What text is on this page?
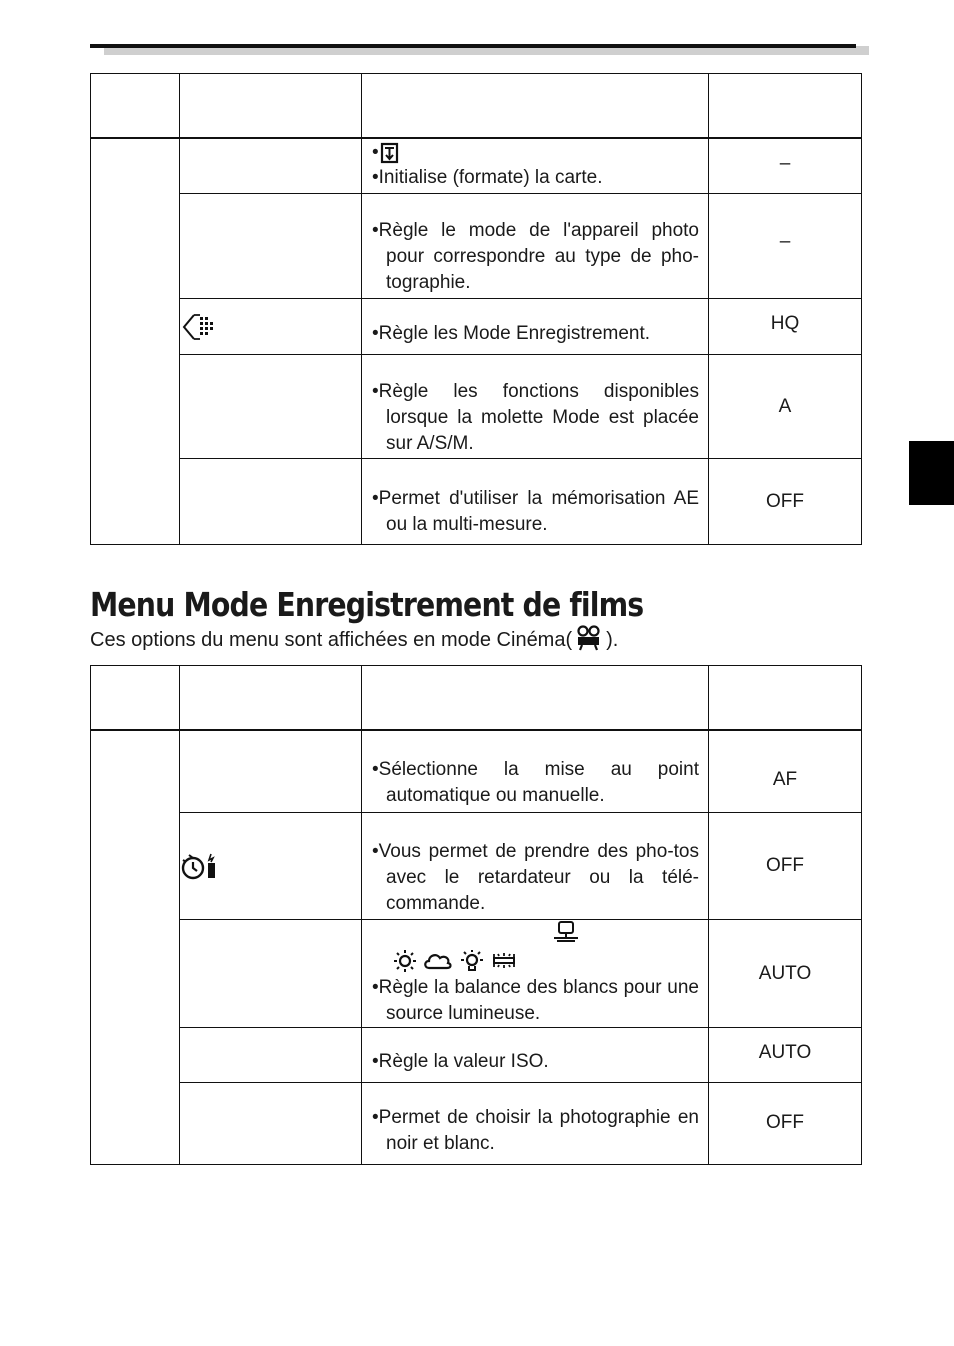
		•

•Initialise (formate) la carte.	–

		•Règle le mode de l'appareil photo pour correspondre au type de pho-tographie.	–

•Règle les Mode Enregistrement.	HQ

		•Règle les fonctions disponibles lorsque la molette Mode est placée sur A/S/M.	A

		•Permet d'utiliser la mémorisation AE ou la multi-mesure.	OFF
Menu Mode Enregistrement de films
Ces options du menu sont affichées en mode Cinéma( ).

		•Sélectionne la mise au point automatique ou manuelle.	AF

•Vous permet de prendre des pho-tos avec le retardateur ou la télé-commande.	OFF

		•Règle la balance des blancs pour une source lumineuse.	AUTO

		•Règle la valeur ISO.	AUTO

		•Permet de choisir la photographie en noir et blanc.	OFF
